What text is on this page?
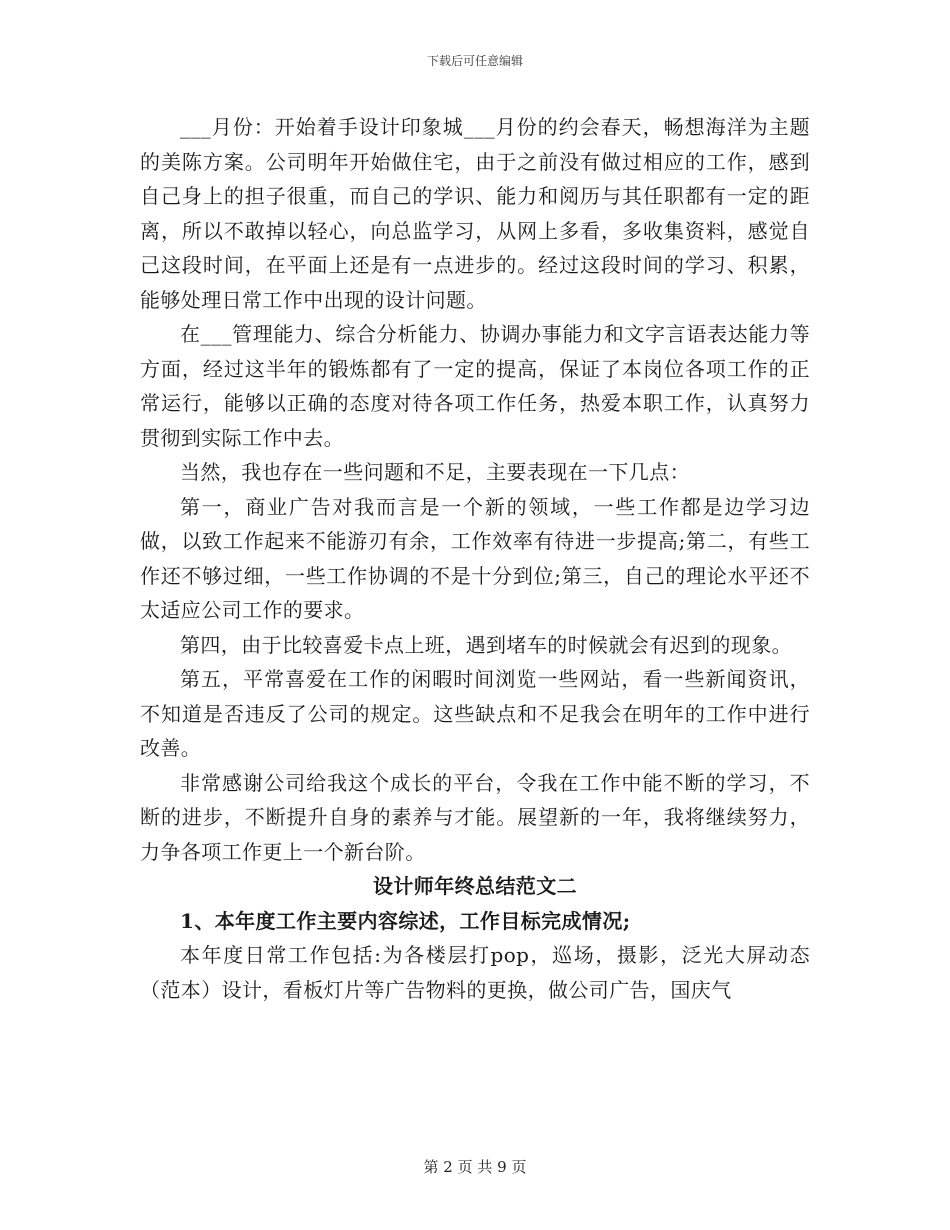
下载后可任意编辑

___月份：开始着手设计印象城___月份的约会春天，畅想海洋为主题的美陈方案。公司明年开始做住宅，由于之前没有做过相应的工作，感到自己身上的担子很重，而自己的学识、能力和阅历与其任职都有一定的距离，所以不敢掉以轻心，向总监学习，从网上多看，多收集资料，感觉自己这段时间，在平面上还是有一点进步的。经过这段时间的学习、积累，能够处理日常工作中出现的设计问题。

在___管理能力、综合分析能力、协调办事能力和文字言语表达能力等方面，经过这半年的锻炼都有了一定的提高，保证了本岗位各项工作的正常运行，能够以正确的态度对待各项工作任务，热爱本职工作，认真努力贯彻到实际工作中去。

当然，我也存在一些问题和不足，主要表现在一下几点：

第一，商业广告对我而言是一个新的领域，一些工作都是边学习边做，以致工作起来不能游刃有余，工作效率有待进一步提高;第二，有些工作还不够过细，一些工作协调的不是十分到位;第三，自己的理论水平还不太适应公司工作的要求。

第四，由于比较喜爱卡点上班，遇到堵车的时候就会有迟到的现象。

第五，平常喜爱在工作的闲暇时间浏览一些网站，看一些新闻资讯，不知道是否违反了公司的规定。这些缺点和不足我会在明年的工作中进行改善。

非常感谢公司给我这个成长的平台，令我在工作中能不断的学习，不断的进步，不断提升自身的素养与才能。展望新的一年，我将继续努力，力争各项工作更上一个新台阶。

设计师年终总结范文二

1、本年度工作主要内容综述，工作目标完成情况;

本年度日常工作包括:为各楼层打pop，巡场，摄影，泛光大屏动态（范本）设计，看板灯片等广告物料的更换，做公司广告，国庆气

第 2 页 共 9 页
